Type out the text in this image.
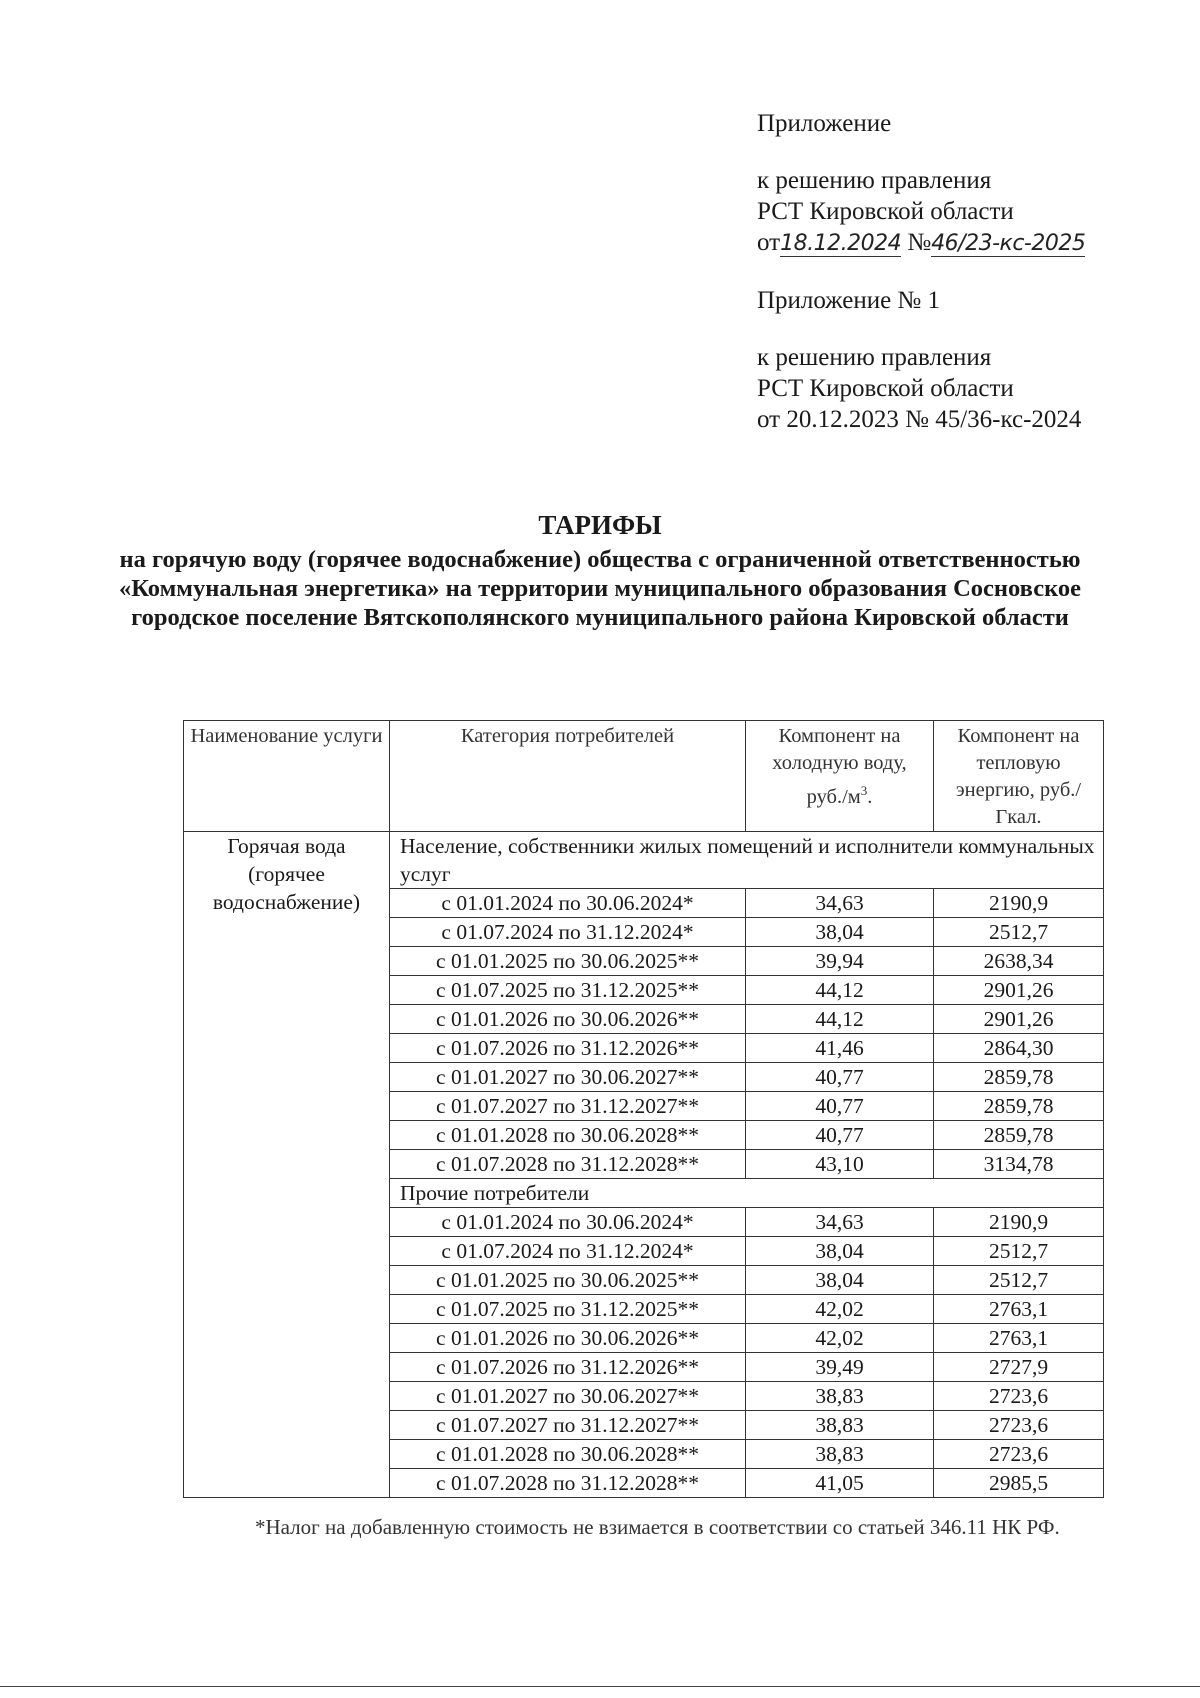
Приложение
к решению правления
РСТ Кировской области
от18.12.2024 №46/23-кс-2025
Приложение № 1
к решению правления
РСТ Кировской области
от 20.12.2023 № 45/36-кс-2024
ТАРИФЫ
на горячую воду (горячее водоснабжение) общества с ограниченной ответственностью «Коммунальная энергетика» на территории муниципального образования Сосновское городское поселение Вятскополянского муниципального района Кировской области
Наименование услуги	Категория потребителей	Компонент на холодную воду, $руб./м^3$.	Компонент на тепловую энергию, руб./Гкал.
Горячая вода (горячее водоснабжение)	Население, собственники жилых помещений и исполнители коммунальных услуг		
	с 01.01.2024 по 30.06.2024*	34,63	2190,9
	с 01.07.2024 по 31.12.2024*	38,04	2512,7
	с 01.01.2025 по 30.06.2025**	39,94	2638,34
	с 01.07.2025 по 31.12.2025**	44,12	2901,26
	с 01.01.2026 по 30.06.2026**	44,12	2901,26
	с 01.07.2026 по 31.12.2026**	41,46	2864,30
	с 01.01.2027 по 30.06.2027**	40,77	2859,78
	с 01.07.2027 по 31.12.2027**	40,77	2859,78
	с 01.01.2028 по 30.06.2028**	40,77	2859,78
	с 01.07.2028 по 31.12.2028**	43,10	3134,78
	Прочие потребители		
	с 01.01.2024 по 30.06.2024*	34,63	2190,9
	с 01.07.2024 по 31.12.2024*	38,04	2512,7
	с 01.01.2025 по 30.06.2025**	38,04	2512,7
	с 01.07.2025 по 31.12.2025**	42,02	2763,1
	с 01.01.2026 по 30.06.2026**	42,02	2763,1
	с 01.07.2026 по 31.12.2026**	39,49	2727,9
	с 01.01.2027 по 30.06.2027**	38,83	2723,6
	с 01.07.2027 по 31.12.2027**	38,83	2723,6
	с 01.01.2028 по 30.06.2028**	38,83	2723,6
	с 01.07.2028 по 31.12.2028**	41,05	2985,5
*Налог на добавленную стоимость не взимается в соответствии со статьей 346.11 НК РФ.
